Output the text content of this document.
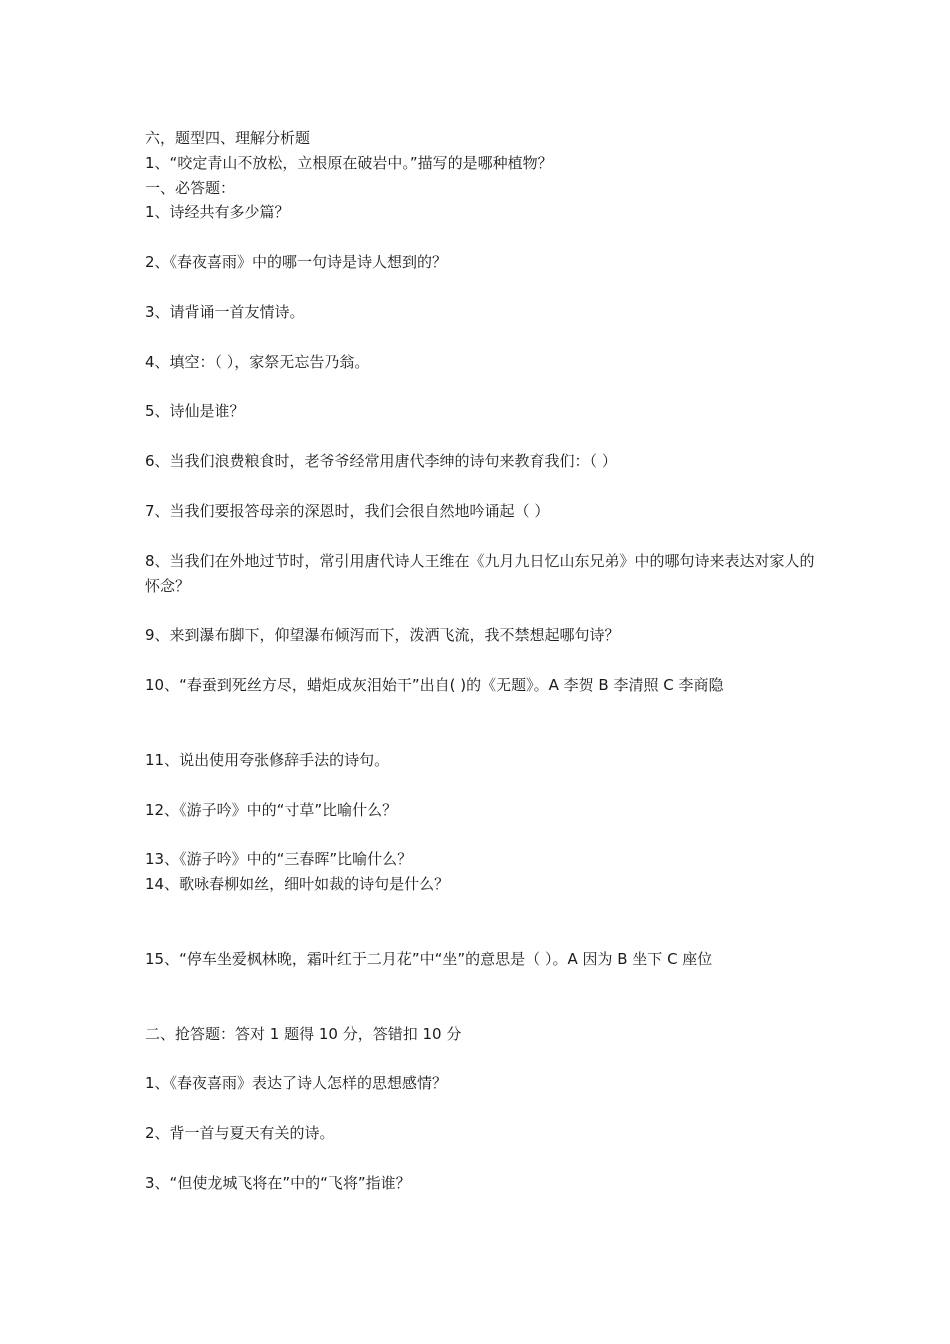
六，题型四、理解分析题
1、“咬定青山不放松，立根原在破岩中。”描写的是哪种植物？
一、必答题：
1、诗经共有多少篇？
2、《春夜喜雨》中的哪一句诗是诗人想到的？
3、请背诵一首友情诗。
4、填空：（ ），家祭无忘告乃翁。
5、诗仙是谁？
6、当我们浪费粮食时，老爷爷经常用唐代李绅的诗句来教育我们：（ ）
7、当我们要报答母亲的深恩时，我们会很自然地吟诵起（ ）
8、当我们在外地过节时，常引用唐代诗人王维在《九月九日忆山东兄弟》中的哪句诗来表达对家人的怀念？
9、来到瀑布脚下，仰望瀑布倾泻而下，泼洒飞流，我不禁想起哪句诗？
10、“春蚕到死丝方尽，蜡炬成灰泪始干”出自( )的《无题》。A 李贺 B 李清照 C 李商隐
11、说出使用夸张修辞手法的诗句。
12、《游子吟》中的“寸草”比喻什么？
13、《游子吟》中的“三春晖”比喻什么？
14、歌咏春柳如丝，细叶如裁的诗句是什么？
15、“停车坐爱枫林晚，霜叶红于二月花”中“坐”的意思是（ ）。A 因为 B 坐下 C 座位
二、抢答题：答对 1 题得 10 分，答错扣 10 分
1、《春夜喜雨》表达了诗人怎样的思想感情？
2、背一首与夏天有关的诗。
3、“但使龙城飞将在”中的“飞将”指谁？
